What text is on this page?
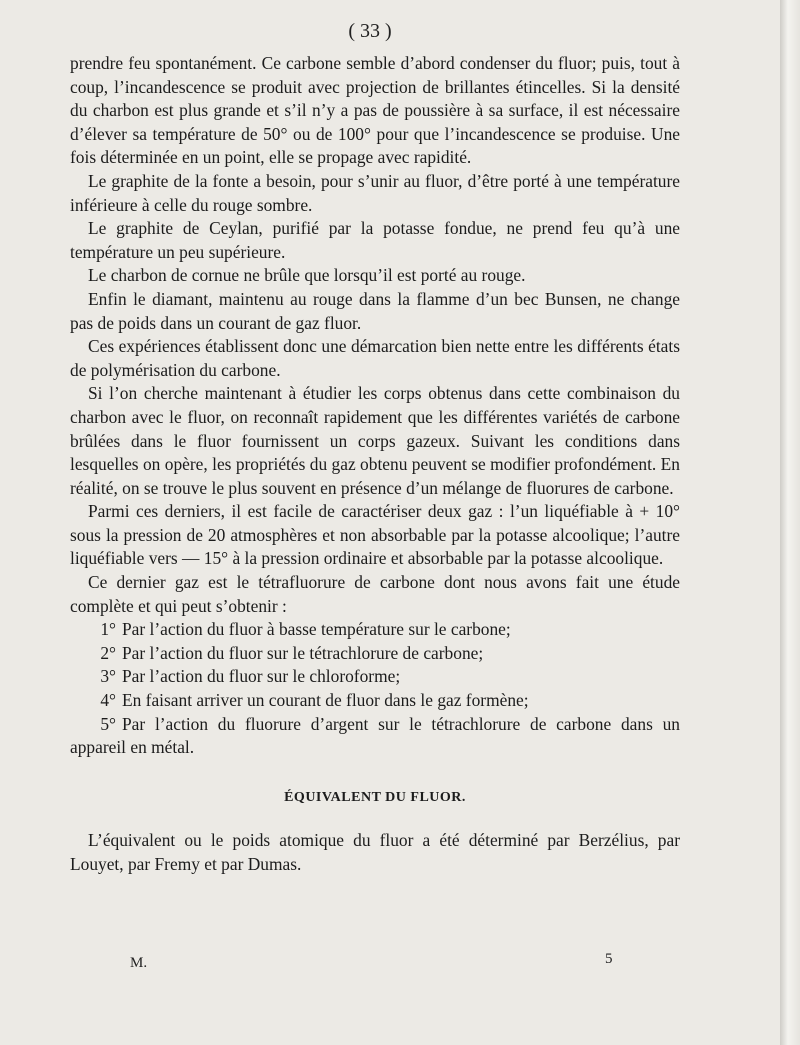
( 33 )

prendre feu spontanément. Ce carbone semble d’abord condenser du fluor; puis, tout à coup, l’incandescence se produit avec projection de brillantes étincelles. Si la densité du charbon est plus grande et s’il n’y a pas de poussière à sa surface, il est nécessaire d’élever sa température de 50° ou de 100° pour que l’incandescence se produise. Une fois déterminée en un point, elle se propage avec rapidité.

Le graphite de la fonte a besoin, pour s’unir au fluor, d’être porté à une température inférieure à celle du rouge sombre.

Le graphite de Ceylan, purifié par la potasse fondue, ne prend feu qu’à une température un peu supérieure.

Le charbon de cornue ne brûle que lorsqu’il est porté au rouge.

Enfin le diamant, maintenu au rouge dans la flamme d’un bec Bunsen, ne change pas de poids dans un courant de gaz fluor.

Ces expériences établissent donc une démarcation bien nette entre les différents états de polymérisation du carbone.

Si l’on cherche maintenant à étudier les corps obtenus dans cette combinaison du charbon avec le fluor, on reconnaît rapidement que les différentes variétés de carbone brûlées dans le fluor fournissent un corps gazeux. Suivant les conditions dans lesquelles on opère, les propriétés du gaz obtenu peuvent se modifier profondément. En réalité, on se trouve le plus souvent en présence d’un mélange de fluorures de carbone.

Parmi ces derniers, il est facile de caractériser deux gaz : l’un liquéfiable à + 10° sous la pression de 20 atmosphères et non absorbable par la potasse alcoolique; l’autre liquéfiable vers — 15° à la pression ordinaire et absorbable par la potasse alcoolique.

Ce dernier gaz est le tétrafluorure de carbone dont nous avons fait une étude complète et qui peut s’obtenir :

1° Par l’action du fluor à basse température sur le carbone;

2° Par l’action du fluor sur le tétrachlorure de carbone;

3° Par l’action du fluor sur le chloroforme;

4° En faisant arriver un courant de fluor dans le gaz formène;

5° Par l’action du fluorure d’argent sur le tétrachlorure de carbone dans un appareil en métal.

ÉQUIVALENT DU FLUOR.

L’équivalent ou le poids atomique du fluor a été déterminé par Berzélius, par Louyet, par Fremy et par Dumas.

M.	5
